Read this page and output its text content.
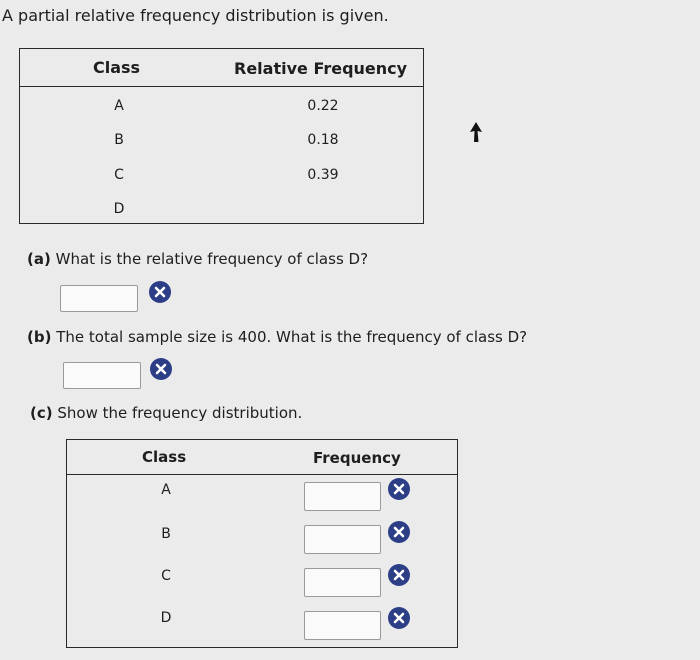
A partial relative frequency distribution is given.
Class	Relative Frequency
A	0.22
B	0.18
C	0.39
D
(a) What is the relative frequency of class D?
(b) The total sample size is 400. What is the frequency of class D?
(c) Show the frequency distribution.
Class	Frequency
A
B
C
D
